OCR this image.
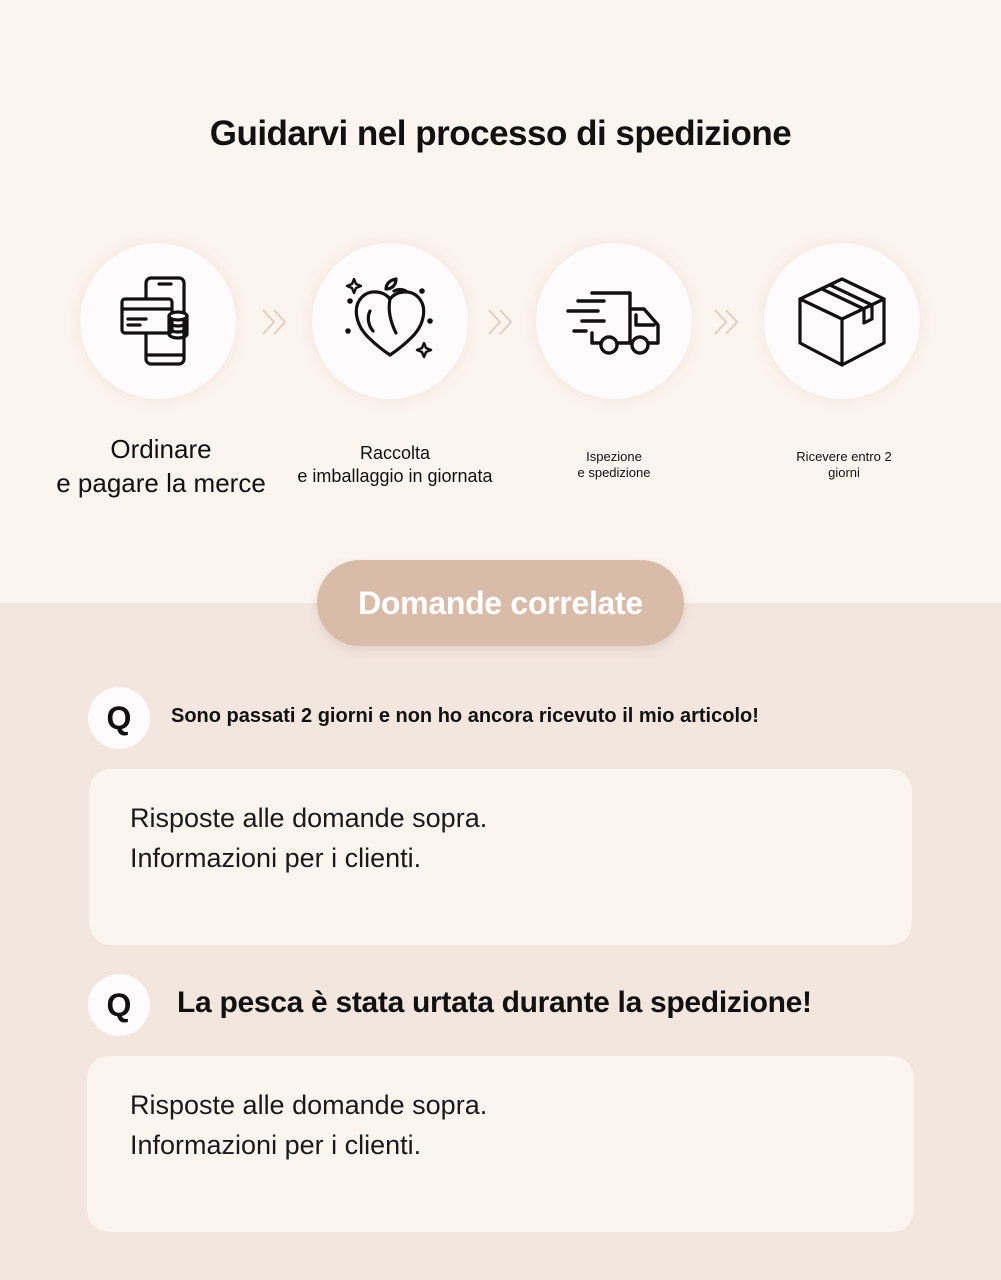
Guidarvi nel processo di spedizione
Ordinare
e pagare la merce
Raccolta
e imballaggio in giornata
Ispezione
e spedizione
Ricevere entro 2
giorni
Domande correlate
Q	Sono passati 2 giorni e non ho ancora ricevuto il mio articolo!
Risposte alle domande sopra.
Informazioni per i clienti.
Q	La pesca è stata urtata durante la spedizione!
Risposte alle domande sopra.
Informazioni per i clienti.
